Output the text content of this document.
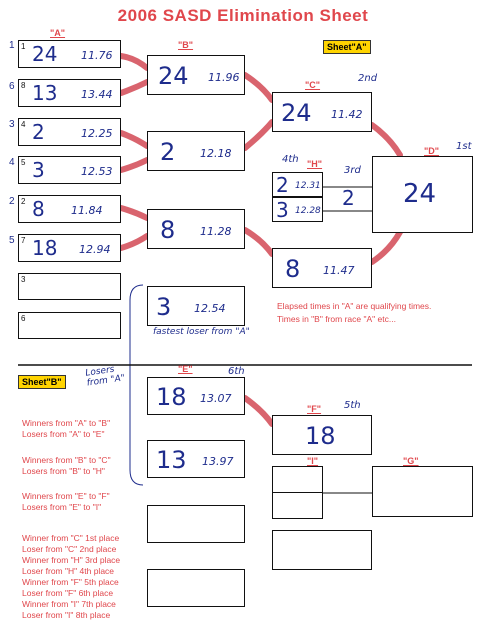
2006 SASD Elimination Sheet
Sheet"A"
Sheet"B"
"A"
"B"
"C"
"D"
"H"
"E"
"F"
"I"	"G"
1 1 24 11.76
6 8 13 13.44
3 4 2	12.25
4 5 3	12.53
2 2 8 11.84
5 7 18 12.94
3
6
24 11.96
2 12.18
8 11.28
3 12.54
fastest loser from "A"
2nd
24 11.42
8 11.47
1st
24
4th
2 12.31
3 12.28
3rd
2
Elapsed times in "A" are qualifying times.
Times in "B" from race "A" etc...
Losers
from "A"
6th
18 13.07
13 13.97
5th
18
Winners from "A" to "B"
Losers from "A" to "E"
Winners from "B" to "C"
Losers from "B" to "H"
Winners from "E" to "F"
Losers from "E" to "I"
Winner from "C" 1st place
Loser from "C" 2nd place
Winner from "H" 3rd place
Loser from "H" 4th place
Winner from "F" 5th place
Loser from "F" 6th place
Winner from "I" 7th place
Loser from "I" 8th place
